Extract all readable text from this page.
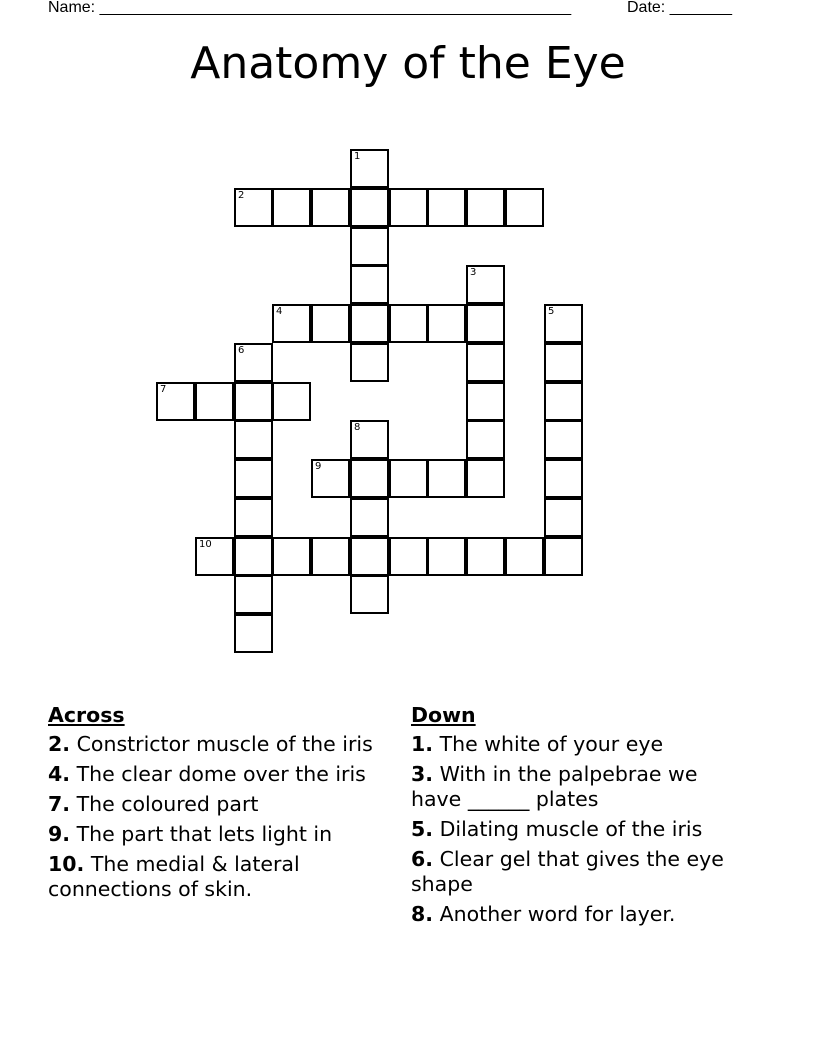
Name: _____________________________________________________	Date: _______
Anatomy of the Eye
1
2
3
4	5
6
7
8
9
10
Across
2. Constrictor muscle of the iris
4. The clear dome over the iris
7. The coloured part
9. The part that lets light in
10. The medial & lateral connections of skin.
Down
1. The white of your eye
3. With in the palpebrae we have ______ plates
5. Dilating muscle of the iris
6. Clear gel that gives the eye shape
8. Another word for layer.
